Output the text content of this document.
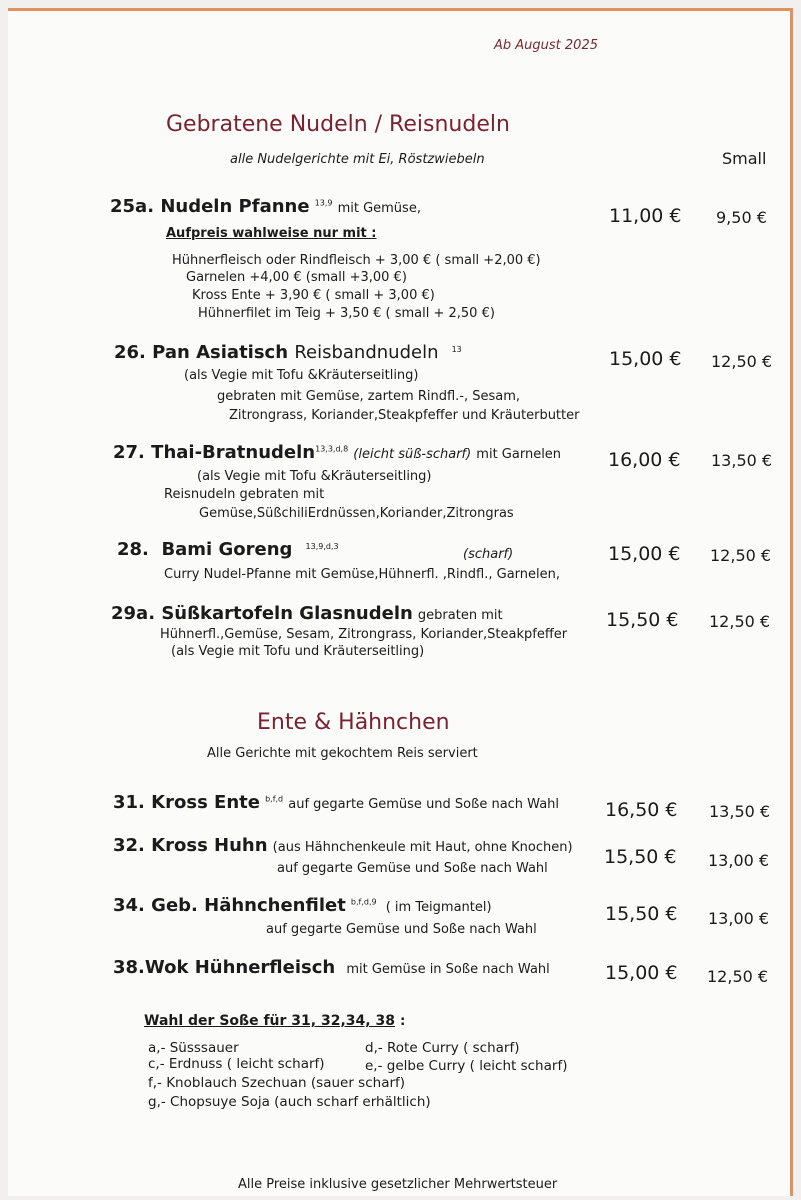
Ab August 2025
Gebratene Nudeln / Reisnudeln
alle Nudelgerichte mit Ei, Röstzwiebeln	Small
25a. Nudeln Pfanne $^{13,9}$ mit Gemüse,
Aufpreis wahlweise nur mit :
Hühnerfleisch oder Rindfleisch + 3,00 € ( small +2,00 €)
Garnelen +4,00 € (small +3,00 €)
Kross Ente + 3,90 € ( small + 3,00 €)
Hühnerfilet im Teig + 3,50 € ( small + 2,50 €)
11,00 € 9,50 €
26. Pan Asiatisch Reisbandnudeln $^{13}$
(als Vegie mit Tofu &Kräuterseitling)
gebraten mit Gemüse, zartem Rindfl.-, Sesam,
Zitrongrass, Koriander,Steakpfeffer und Kräuterbutter
15,00 € 12,50 €
27. Thai-Bratnudeln$^{13,3,d,8}$ (leicht süß-scharf) mit Garnelen
(als Vegie mit Tofu &Kräuterseitling)
Reisnudeln gebraten mit
Gemüse,SüßchiliErdnüssen,Koriander,Zitrongras
16,00 € 13,50 €
28. Bami Goreng $^{13,9,d,3}$
(scharf)
Curry Nudel-Pfanne mit Gemüse,Hühnerfl. ,Rindfl., Garnelen,
15,00 € 12,50 €
29a. Süßkartofeln Glasnudeln gebraten mit
Hühnerfl.,Gemüse, Sesam, Zitrongrass, Koriander,Steakpfeffer
(als Vegie mit Tofu und Kräuterseitling)
15,50 € 12,50 €
Ente & Hähnchen
Alle Gerichte mit gekochtem Reis serviert
31. Kross Ente $^{b,f,d}$ auf gegarte Gemüse und Soße nach Wahl 16,50 € 13,50 €
32. Kross Huhn (aus Hähnchenkeule mit Haut, ohne Knochen)
auf gegarte Gemüse und Soße nach Wahl
15,50 € 13,00 €
34. Geb. Hähnchenfilet $^{b,f,d,9}$ ( im Teigmantel)
auf gegarte Gemüse und Soße nach Wahl
15,50 € 13,00 €
38.Wok Hühnerfleisch mit Gemüse in Soße nach Wahl	15,00 € 12,50 €
Wahl der Soße für 31, 32,34, 38 :
a,- Süsssauer
c,- Erdnuss ( leicht scharf)
f,- Knoblauch Szechuan (sauer scharf)
g,- Chopsuye Soja (auch scharf erhältlich)
d,- Rote Curry ( scharf)
e,- gelbe Curry ( leicht scharf)
Alle Preise inklusive gesetzlicher Mehrwertsteuer
